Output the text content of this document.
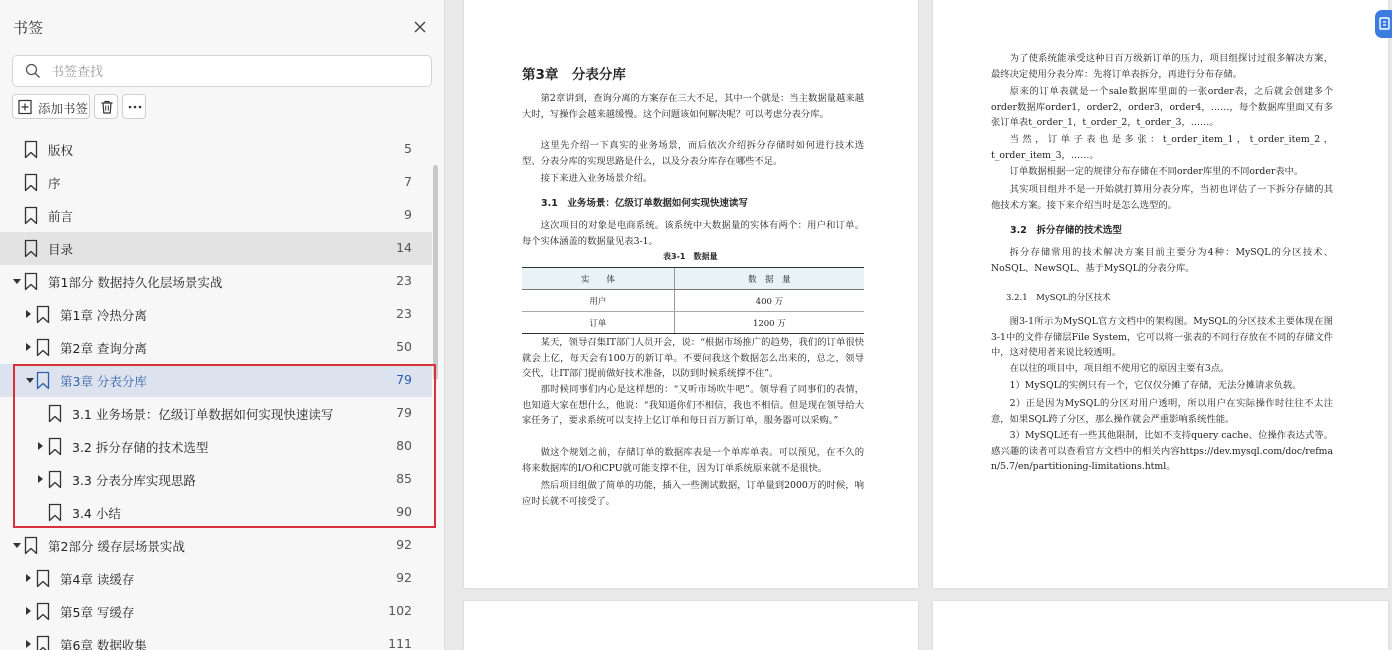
书签
书签查找
添加书签
版权	5
序	7
前言	9
目录	14
第1部分 数据持久化层场景实战	23
第1章 冷热分离	23
第2章 查询分离	50
第3章 分表分库	79
3.1 业务场景：亿级订单数据如何实现快速读写	79
3.2 拆分存储的技术选型	80
3.3 分表分库实现思路	85
3.4 小结	90
第2部分 缓存层场景实战	92
第4章 读缓存	92
第5章 写缓存	102
第6章 数据收集	111
第3章　分表分库
第2章讲到，查询分离的方案存在三大不足，其中一个就是：当主数据量越来越大时，写操作会越来越缓慢。这个问题该如何解决呢？可以考虑分表分库。
这里先介绍一下真实的业务场景，而后依次介绍拆分存储时如何进行技术选型、分表分库的实现思路是什么，以及分表分库存在哪些不足。
接下来进入业务场景介绍。
3.1　业务场景：亿级订单数据如何实现快速读写
这次项目的对象是电商系统。该系统中大数据量的实体有两个：用户和订单。每个实体涵盖的数据量见表3-1。
表3-1　数据量
实　　体	数　据　量
用户	400 万
订单	1200 万
某天，领导召集IT部门人员开会，说：“根据市场推广的趋势，我们的订单很快就会上亿，每天会有100万的新订单。不要问我这个数据怎么出来的，总之，领导交代，让IT部门提前做好技术准备，以防到时候系统撑不住”。
那时候同事们内心是这样想的：“又听市场吹牛吧”。领导看了同事们的表情，也知道大家在想什么，他说：“我知道你们不相信，我也不相信。但是现在领导给大家任务了，要求系统可以支持上亿订单和每日百万新订单，服务器可以采购。”
做这个规划之前，存储订单的数据库表是一个单库单表。可以预见，在不久的将来数据库的I/O和CPU就可能支撑不住，因为订单系统原来就不是很快。
然后项目组做了简单的功能，插入一些测试数据，订单量到2000万的时候，响应时长就不可接受了。
为了使系统能承受这种日百万级新订单的压力，项目组探讨过很多解决方案，最终决定使用分表分库：先将订单表拆分，再进行分布存储。
原来的订单表就是一个sale数据库里面的一张order表，之后就会创建多个order数据库order1，order2，order3，order4，……，每个数据库里面又有多张订单表t_order_1，t_order_2，t_order_3，……。
当然，订单子表也是多张：t_order_item_1，t_order_item_2，t_order_item_3，……。
订单数据根据一定的规律分布存储在不同order库里的不同order表中。
其实项目组并不是一开始就打算用分表分库，当初也评估了一下拆分存储的其他技术方案。接下来介绍当时是怎么选型的。
3.2　拆分存储的技术选型
拆分存储常用的技术解决方案目前主要分为4种：MySQL的分区技术、NoSQL、NewSQL、基于MySQL的分表分库。
3.2.1　MySQL的分区技术
图3-1所示为MySQL官方文档中的架构图。MySQL的分区技术主要体现在图3-1中的文件存储层File System，它可以将一张表的不同行存放在不同的存储文件中，这对使用者来说比较透明。
在以往的项目中，项目组不使用它的原因主要有3点。
1）MySQL的实例只有一个，它仅仅分摊了存储，无法分摊请求负载。
2）正是因为MySQL的分区对用户透明，所以用户在实际操作时往往不太注意，如果SQL跨了分区，那么操作就会严重影响系统性能。
3）MySQL还有一些其他限制，比如不支持query cache、位操作表达式等。感兴趣的读者可以查看官方文档中的相关内容https://dev.mysql.com/doc/refman/5.7/en/partitioning-limitations.html。
